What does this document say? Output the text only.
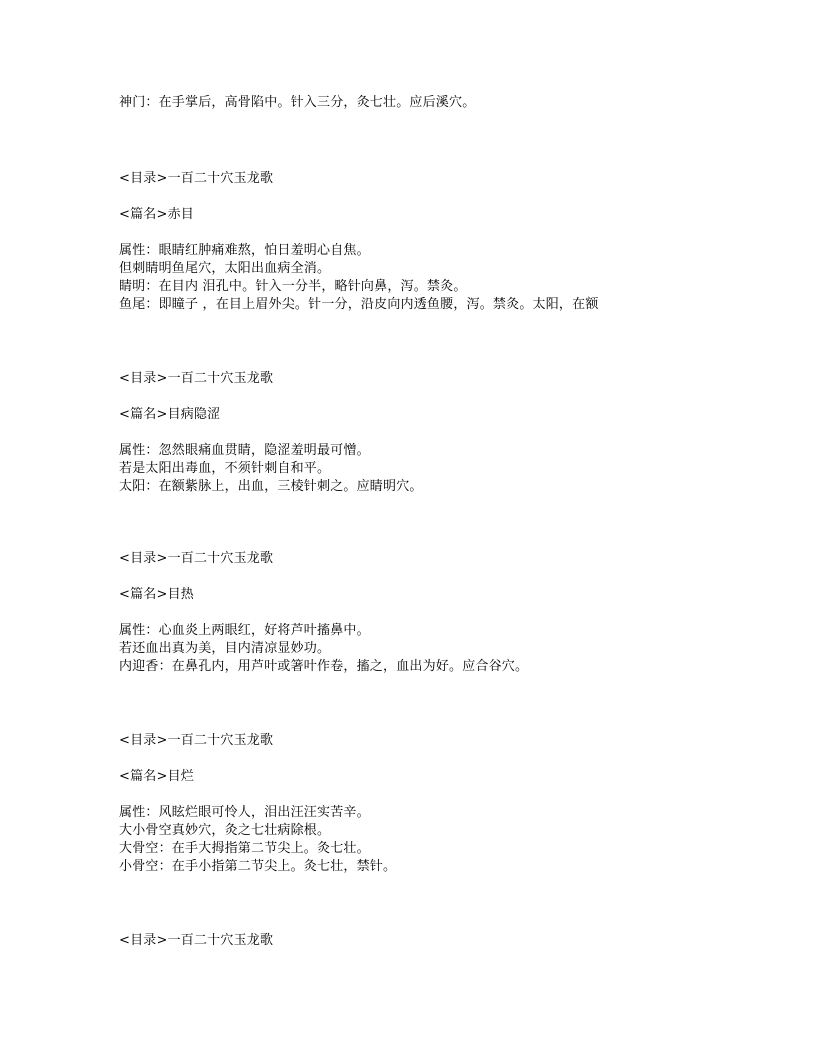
神门：在手掌后，高骨陷中。针入三分，灸七壮。应后溪穴。
<目录>一百二十穴玉龙歌
<篇名>赤目
属性：眼睛红肿痛难熬，怕日羞明心自焦。
但刺睛明鱼尾穴，太阳出血病全消。
睛明：在目内 泪孔中。针入一分半，略针向鼻，泻。禁灸。
鱼尾：即瞳子 ，在目上眉外尖。针一分，沿皮向内透鱼腰，泻。禁灸。太阳，在额
<目录>一百二十穴玉龙歌
<篇名>目病隐涩
属性：忽然眼痛血贯睛，隐涩羞明最可憎。
若是太阳出毒血，不须针刺自和平。
太阳：在额紫脉上，出血，三棱针刺之。应睛明穴。
<目录>一百二十穴玉龙歌
<篇名>目热
属性：心血炎上两眼红，好将芦叶搐鼻中。
若还血出真为美，目内清凉显妙功。
内迎香：在鼻孔内，用芦叶或箸叶作卷，搐之，血出为好。应合谷穴。
<目录>一百二十穴玉龙歌
<篇名>目烂
属性：风眩烂眼可怜人，泪出汪汪实苦辛。
大小骨空真妙穴，灸之七壮病除根。
大骨空：在手大拇指第二节尖上。灸七壮。
小骨空：在手小指第二节尖上。灸七壮，禁针。
<目录>一百二十穴玉龙歌
